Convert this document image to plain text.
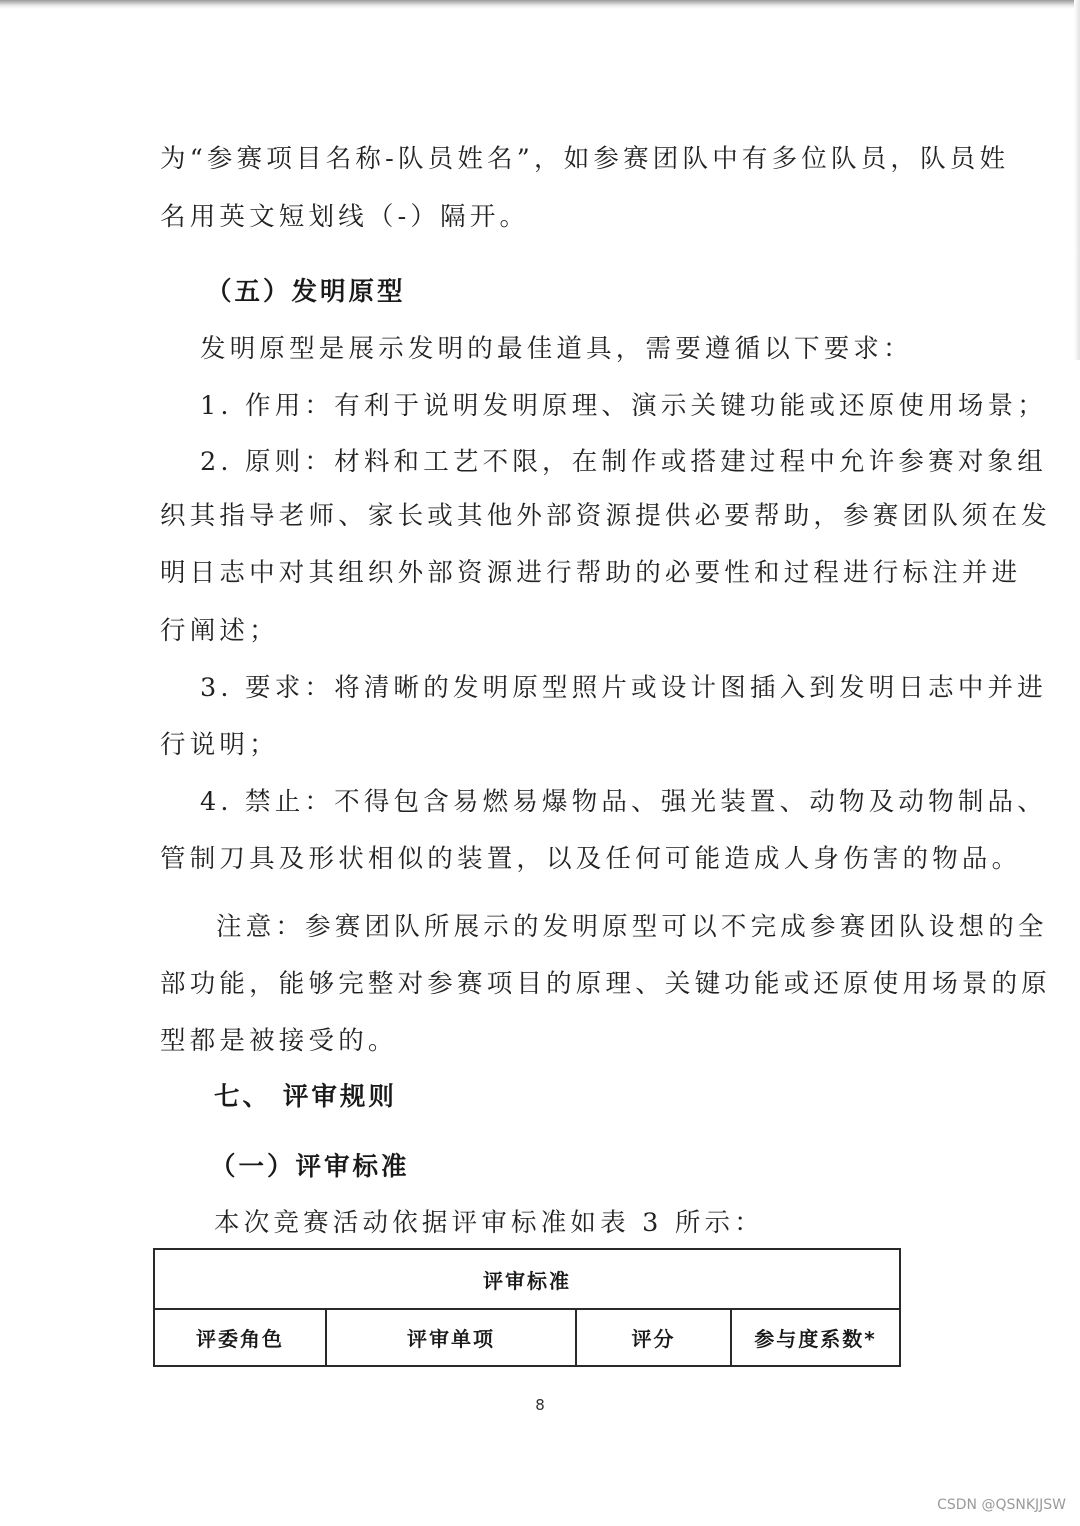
为“参赛项目名称-队员姓名”，如参赛团队中有多位队员，队员姓
名用英文短划线（-）隔开。
（五）发明原型
发明原型是展示发明的最佳道具，需要遵循以下要求：
1. 作用：有利于说明发明原理、演示关键功能或还原使用场景；
2. 原则：材料和工艺不限，在制作或搭建过程中允许参赛对象组
织其指导老师、家长或其他外部资源提供必要帮助，参赛团队须在发
明日志中对其组织外部资源进行帮助的必要性和过程进行标注并进
行阐述；
3. 要求：将清晰的发明原型照片或设计图插入到发明日志中并进
行说明；
4. 禁止：不得包含易燃易爆物品、强光装置、动物及动物制品、
管制刀具及形状相似的装置，以及任何可能造成人身伤害的物品。
注意：参赛团队所展示的发明原型可以不完成参赛团队设想的全
部功能，能够完整对参赛项目的原理、关键功能或还原使用场景的原
型都是被接受的。
七、 评审规则
（一）评审标准
本次竞赛活动依据评审标准如表 3 所示：
评审标准
评委角色	评审单项	评分	参与度系数*
8
CSDN @QSNKJJSW
